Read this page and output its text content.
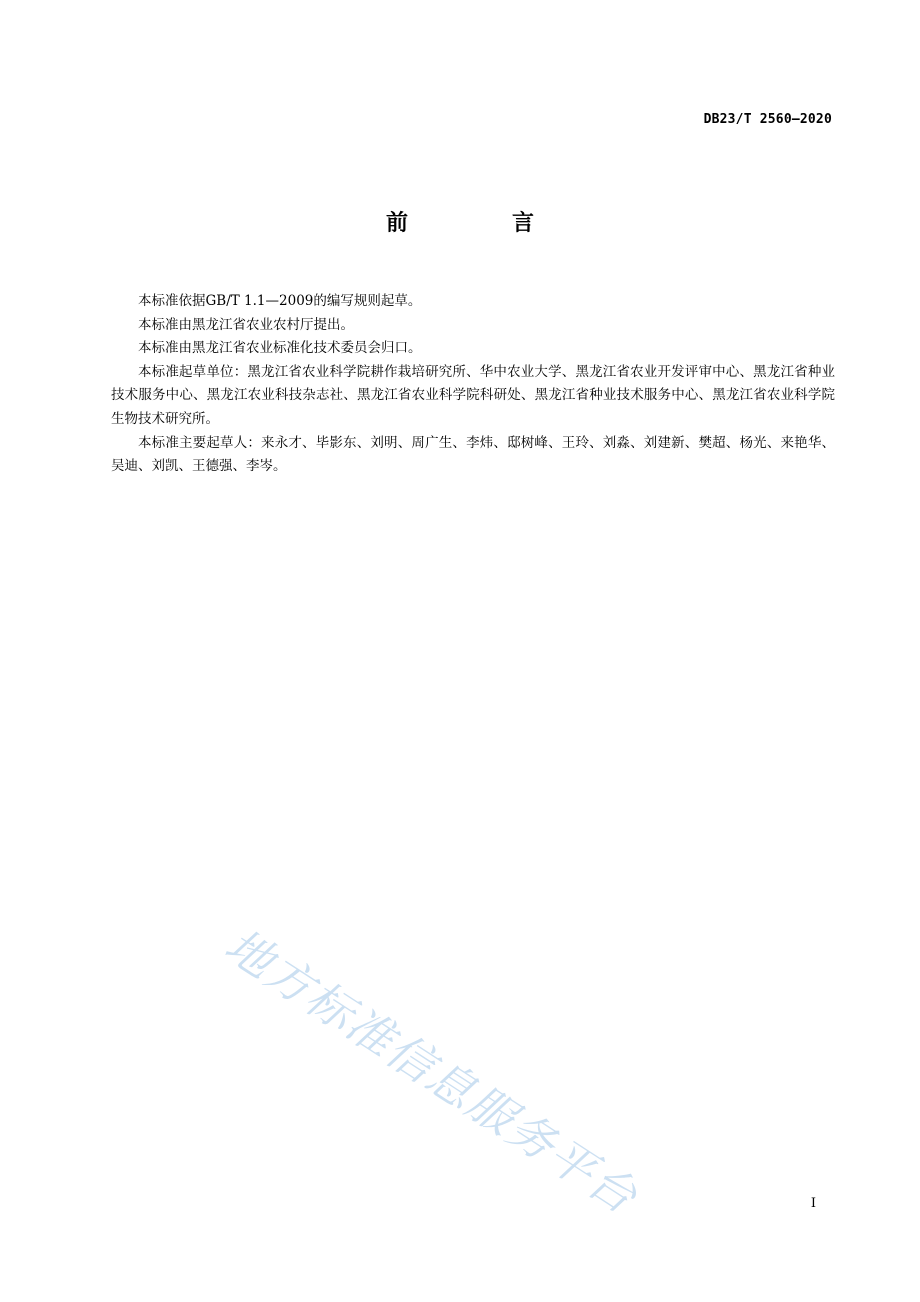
DB23/T 2560—2020
前言

本标准依据GB/T 1.1—2009的编写规则起草。

本标准由黑龙江省农业农村厅提出。

本标准由黑龙江省农业标准化技术委员会归口。

本标准起草单位：黑龙江省农业科学院耕作栽培研究所、华中农业大学、黑龙江省农业开发评审中心、黑龙江省种业技术服务中心、黑龙江农业科技杂志社、黑龙江省农业科学院科研处、黑龙江省种业技术服务中心、黑龙江省农业科学院生物技术研究所。

本标准主要起草人：来永才、毕影东、刘明、周广生、李炜、邸树峰、王玲、刘淼、刘建新、樊超、杨光、来艳华、吴迪、刘凯、王德强、李岑。

地方标准信息服务平台	I
